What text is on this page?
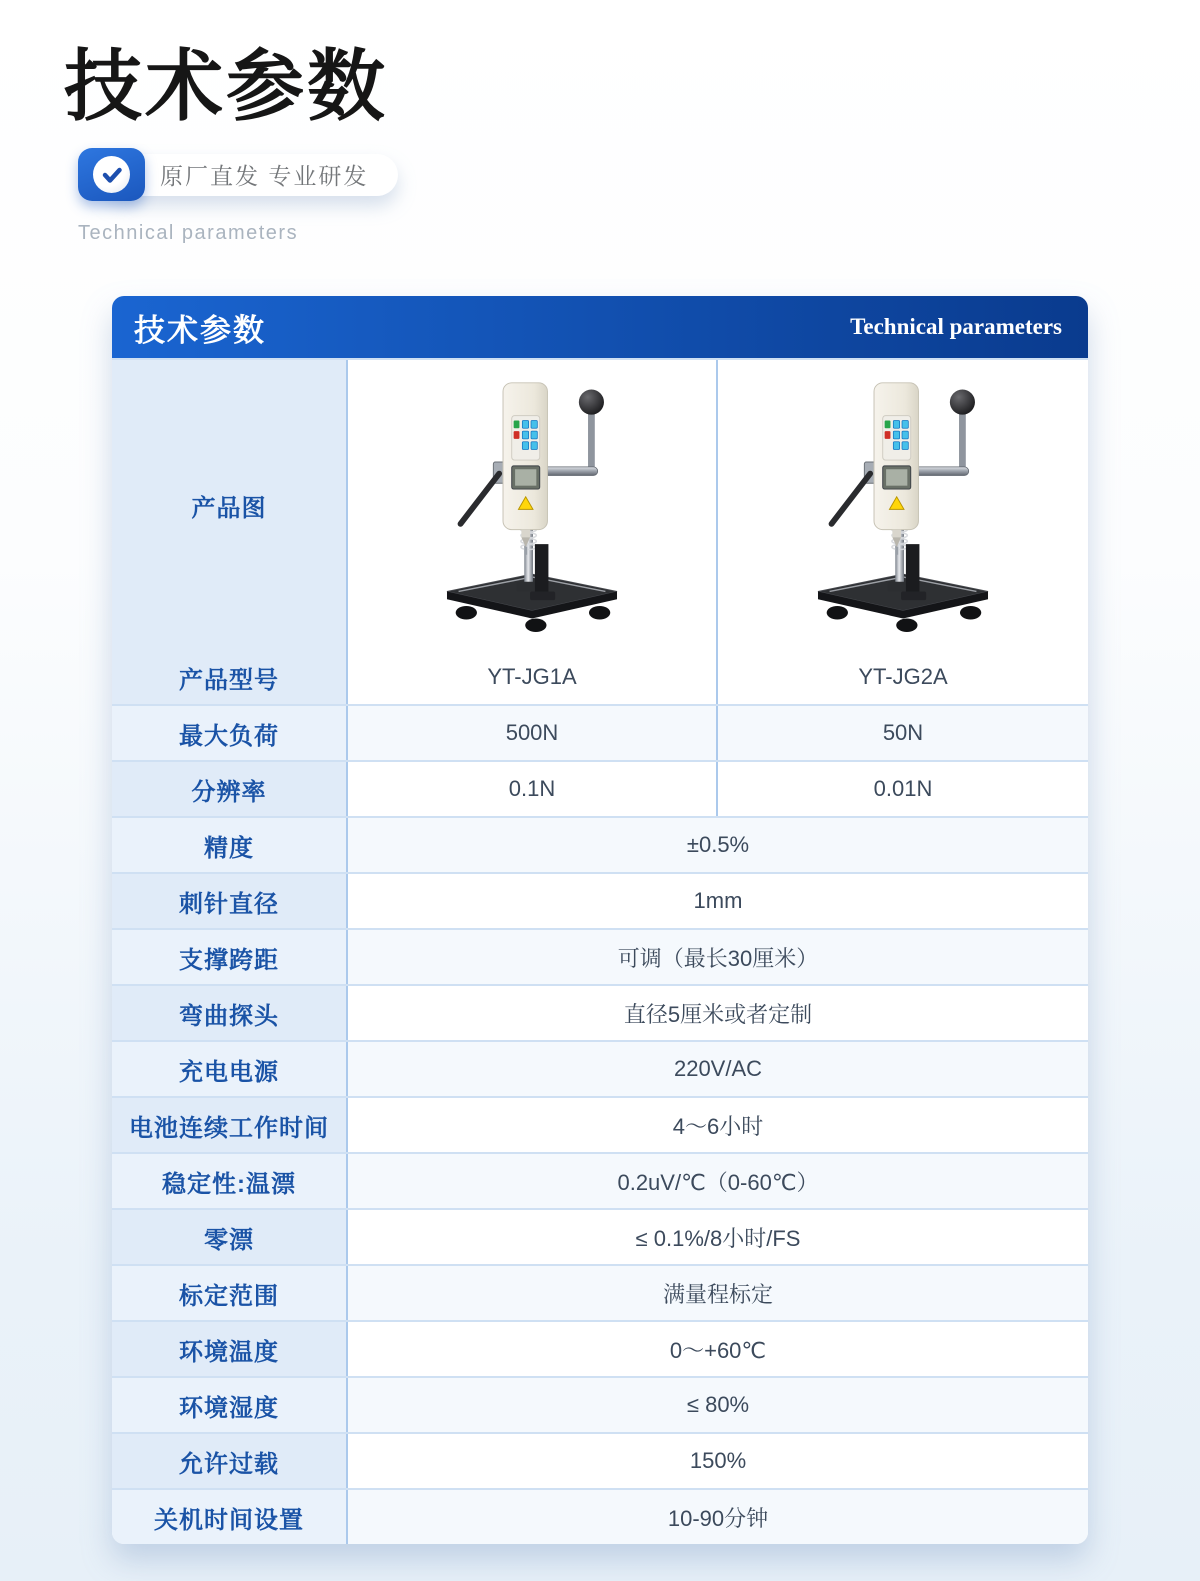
技术参数
原厂直发 专业研发
Technical parameters
技术参数	Technical parameters
产品图
产品型号	YT-JG1A	YT-JG2A
最大负荷	500N	50N
分辨率	0.1N	0.01N
精度	±0.5%
刺针直径	1mm
支撑跨距	可调（最长30厘米）
弯曲探头	直径5厘米或者定制
充电电源	220V/AC
电池连续工作时间	4～6小时
稳定性:温漂	0.2uV/℃（0-60℃）
零漂	≤ 0.1%/8小时/FS
标定范围	满量程标定
环境温度	0～+60℃
环境湿度	≤ 80%
允许过载	150%
关机时间设置	10-90分钟
